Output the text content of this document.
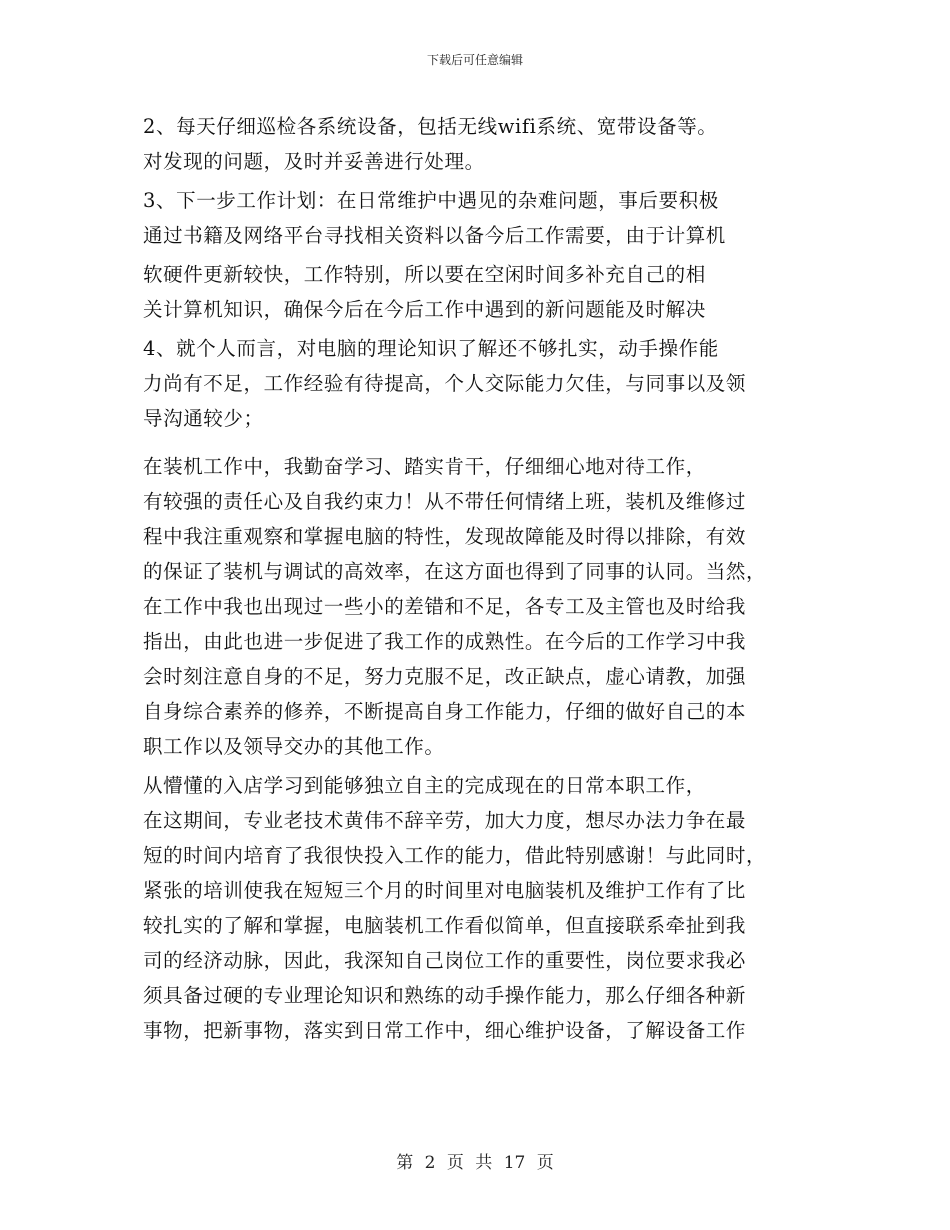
下载后可任意编辑
2、每天仔细巡检各系统设备，包括无线wifi系统、宽带设备等。
对发现的问题，及时并妥善进行处理。
3、下一步工作计划：在日常维护中遇见的杂难问题，事后要积极
通过书籍及网络平台寻找相关资料以备今后工作需要，由于计算机
软硬件更新较快，工作特别，所以要在空闲时间多补充自己的相
关计算机知识，确保今后在今后工作中遇到的新问题能及时解决
4、就个人而言，对电脑的理论知识了解还不够扎实，动手操作能
力尚有不足，工作经验有待提高，个人交际能力欠佳，与同事以及领
导沟通较少；
在装机工作中，我勤奋学习、踏实肯干，仔细细心地对待工作，
有较强的责任心及自我约束力！从不带任何情绪上班，装机及维修过
程中我注重观察和掌握电脑的特性，发现故障能及时得以排除，有效
的保证了装机与调试的高效率，在这方面也得到了同事的认同。当然，
在工作中我也出现过一些小的差错和不足，各专工及主管也及时给我
指出，由此也进一步促进了我工作的成熟性。在今后的工作学习中我
会时刻注意自身的不足，努力克服不足，改正缺点，虚心请教，加强
自身综合素养的修养，不断提高自身工作能力，仔细的做好自己的本
职工作以及领导交办的其他工作。
从懵懂的入店学习到能够独立自主的完成现在的日常本职工作，
在这期间，专业老技术黄伟不辞辛劳，加大力度，想尽办法力争在最
短的时间内培育了我很快投入工作的能力，借此特别感谢！与此同时，
紧张的培训使我在短短三个月的时间里对电脑装机及维护工作有了比
较扎实的了解和掌握，电脑装机工作看似简单，但直接联系牵扯到我
司的经济动脉，因此，我深知自己岗位工作的重要性，岗位要求我必
须具备过硬的专业理论知识和熟练的动手操作能力，那么仔细各种新
事物，把新事物，落实到日常工作中，细心维护设备，了解设备工作
第 2 页 共 17 页
